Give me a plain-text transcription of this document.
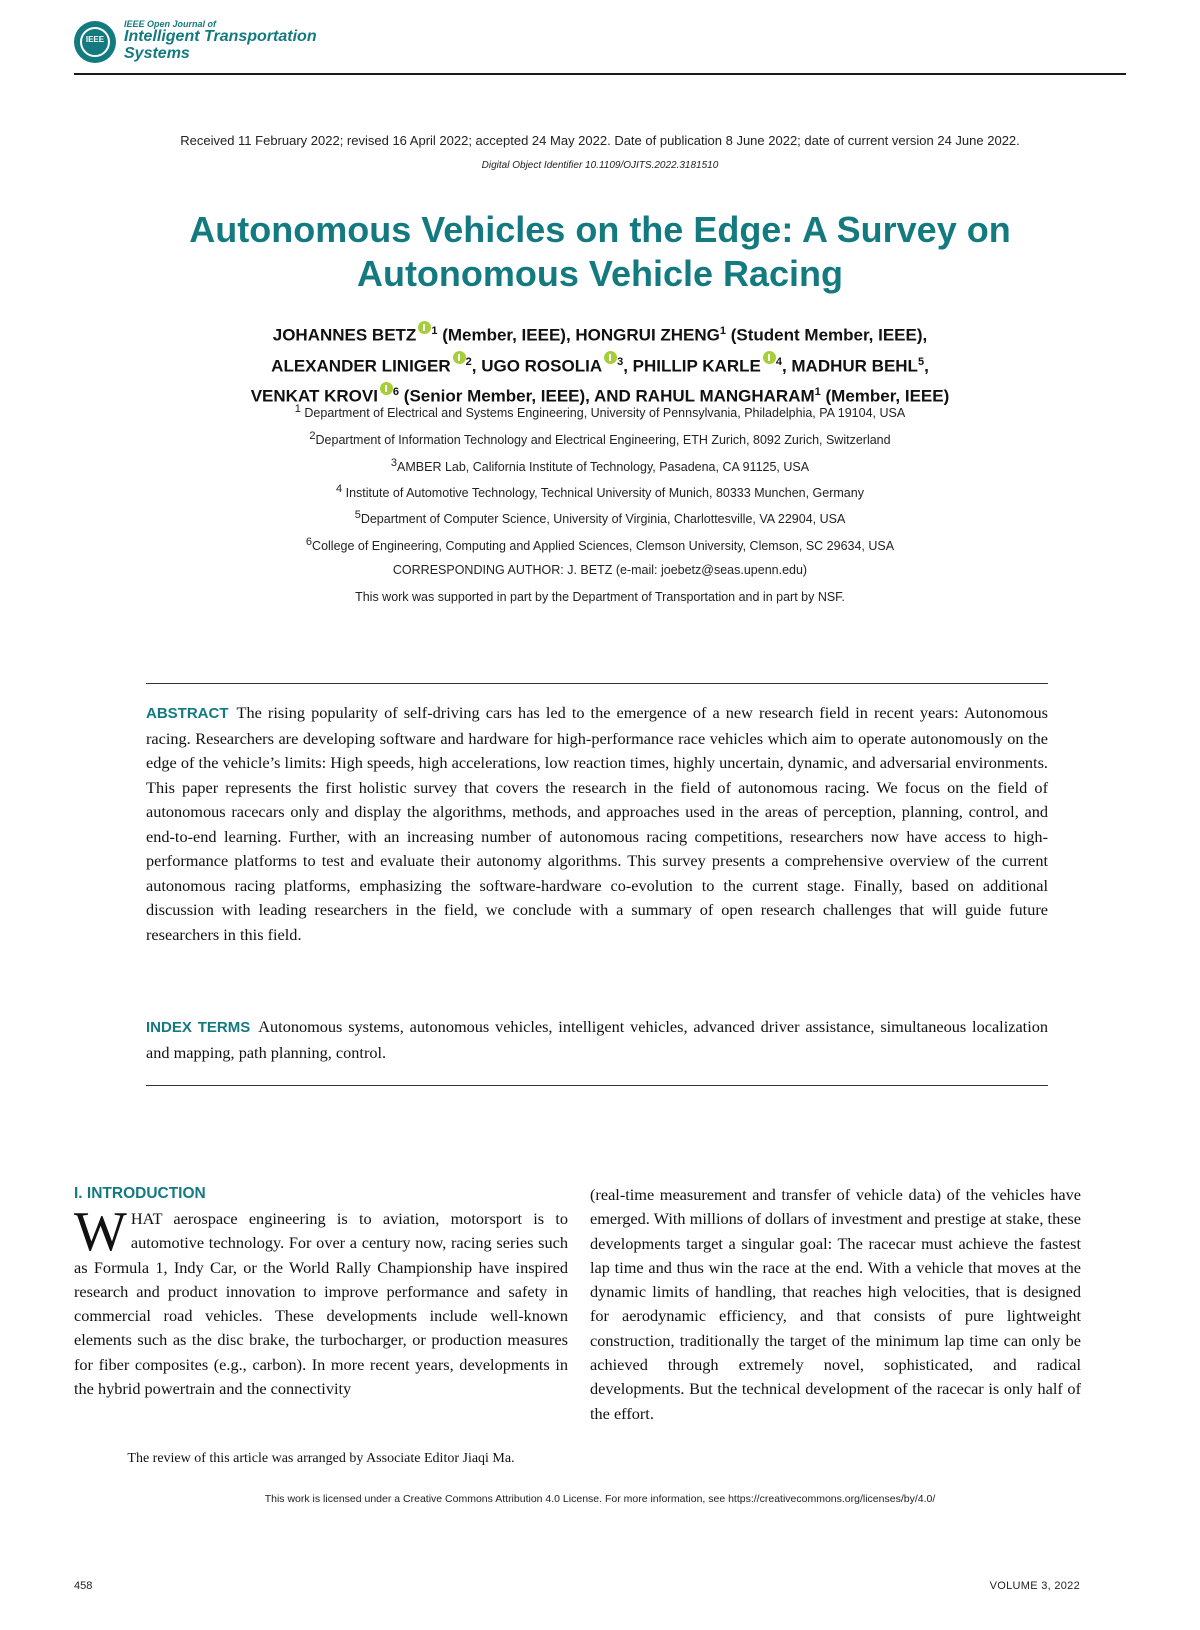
IEEE
IEEE Open Journal of
Intelligent Transportation
Systems
Received 11 February 2022; revised 16 April 2022; accepted 24 May 2022. Date of publication 8 June 2022; date of current version 24 June 2022.
Digital Object Identifier 10.1109/OJITS.2022.3181510
Autonomous Vehicles on the Edge: A Survey on
Autonomous Vehicle Racing
JOHANNES BETZ $^1$ (Member, IEEE), HONGRUI ZHENG$^1$ (Student Member, IEEE),
ALEXANDER LINIGER $^2$, UGO ROSOLIA $^3$, PHILLIP KARLE $^4$, MADHUR BEHL$^5$,
VENKAT KROVI $^6$ (Senior Member, IEEE), AND RAHUL MANGHARAM$^1$ (Member, IEEE)
$^1$ Department of Electrical and Systems Engineering, University of Pennsylvania, Philadelphia, PA 19104, USA
$^2$Department of Information Technology and Electrical Engineering, ETH Zurich, 8092 Zurich, Switzerland
$^3$AMBER Lab, California Institute of Technology, Pasadena, CA 91125, USA
$^4$ Institute of Automotive Technology, Technical University of Munich, 80333 Munchen, Germany
$^5$Department of Computer Science, University of Virginia, Charlottesville, VA 22904, USA
$^6$College of Engineering, Computing and Applied Sciences, Clemson University, Clemson, SC 29634, USA
CORRESPONDING AUTHOR: J. BETZ (e-mail: joebetz@seas.upenn.edu)
This work was supported in part by the Department of Transportation and in part by NSF.
ABSTRACT The rising popularity of self-driving cars has led to the emergence of a new research field in recent years: Autonomous racing. Researchers are developing software and hardware for high-performance race vehicles which aim to operate autonomously on the edge of the vehicle’s limits: High speeds, high accelerations, low reaction times, highly uncertain, dynamic, and adversarial environments. This paper represents the first holistic survey that covers the research in the field of autonomous racing. We focus on the field of autonomous racecars only and display the algorithms, methods, and approaches used in the areas of perception, planning, control, and end-to-end learning. Further, with an increasing number of autonomous racing competitions, researchers now have access to high-performance platforms to test and evaluate their autonomy algorithms. This survey presents a comprehensive overview of the current autonomous racing platforms, emphasizing the software-hardware co-evolution to the current stage. Finally, based on additional discussion with leading researchers in the field, we conclude with a summary of open research challenges that will guide future researchers in this field.
INDEX TERMS Autonomous systems, autonomous vehicles, intelligent vehicles, advanced driver assistance, simultaneous localization and mapping, path planning, control.
I. INTRODUCTION
WHAT aerospace engineering is to aviation, motorsport is to automotive technology. For over a century now, racing series such as Formula 1, Indy Car, or the World Rally Championship have inspired research and product innovation to improve performance and safety in commercial road vehicles. These developments include well-known elements such as the disc brake, the turbocharger, or production measures for fiber composites (e.g., carbon). In more recent years, developments in the hybrid powertrain and the connectivity
(real-time measurement and transfer of vehicle data) of the vehicles have emerged. With millions of dollars of investment and prestige at stake, these developments target a singular goal: The racecar must achieve the fastest lap time and thus win the race at the end. With a vehicle that moves at the dynamic limits of handling, that reaches high velocities, that is designed for aerodynamic efficiency, and that consists of pure lightweight construction, traditionally the target of the minimum lap time can only be achieved through extremely novel, sophisticated, and radical developments. But the technical development of the racecar is only half of the effort.
The review of this article was arranged by Associate Editor Jiaqi Ma.
This work is licensed under a Creative Commons Attribution 4.0 License. For more information, see https://creativecommons.org/licenses/by/4.0/
458	VOLUME 3, 2022
